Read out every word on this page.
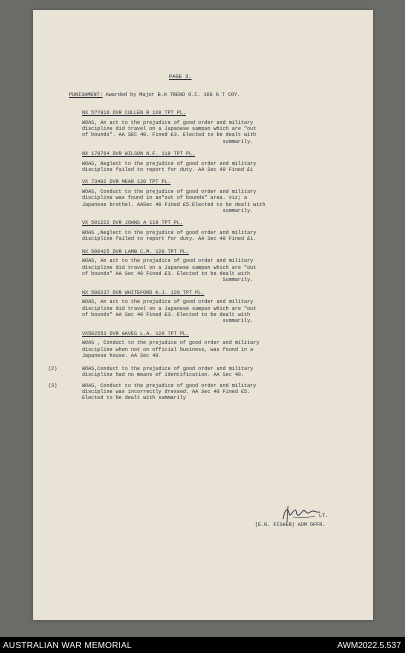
PAGE 3.
PUNISHMENT: Awarded by Major B.H TREND O.C. 168 G T COY.
NX 5??816 DVR CULLEN R 120 TPT PL.
WOAS, An act to the prejudice of good order and military
discipline did travel on a Japanese sampan which are "out
of bounds". AA SEC 40. Fined £3. Elected to be dealt with
summarily.
NX 179764 DVR WILSON N.F. 119 TPT PL.
WOAS, Neglect to the prejudice of good order and military
discipline failed to report for duty. AA Sec 40 Fined £1
VX 73402 DVR MEAR 120 TPT PL.
WOAS, Conduct to the prejudice of good order and military
discipline was found in an"out of bounds" area. viz; a
Japanese brothel. AASec 40 Fined £5.Elected to be dealt with
summarily.
VX 501222 DVR JOHNS A 119 TPT PL.
WOAS ,Neglect to the prejudice of good order and military
discipline failed to report for duty. AA Sec 40 Fined £1.
NX 500425 DVR LAMB C.M. 120 TPT PL.
WOAS, An act to the prejudice of good order and military
discipline did travel on a Japanese sampan which are "out
of bounds" AA Sec 40 Fined £3. Elected to be dealt with
Summarily.
NX 500237 DVR WHITEFORD K.J. 120 TPT PL.
WOAS, An act to the prejudice of good order and military
discipline did travel on a Japanese sampan which are "out
of bounds" AA Sec 40 Fined £3. Elected to be dealt with
summarily.
VX502553 DVR GAVES L.A. 120 TPT PL.
WOAS , Conduct to the prejudice of good order and military
discipline when not on official business, was found in a
Japanese house. AA Sec 40.
(2)	WOAS,Conduct to the prejudice of good order and military
discipline had no means of identification. AA Sec 40.
(3)	WOAS, Conduct to the prejudice of good order and military
discipline was incorrectly dressed. AA Sec 40 Fined £5.
Elected to be dealt with summarily
LT.
(E.R. FISHER) ADM OFFR.
AUSTRALIAN WAR MEMORIAL	AWM2022.5.537
